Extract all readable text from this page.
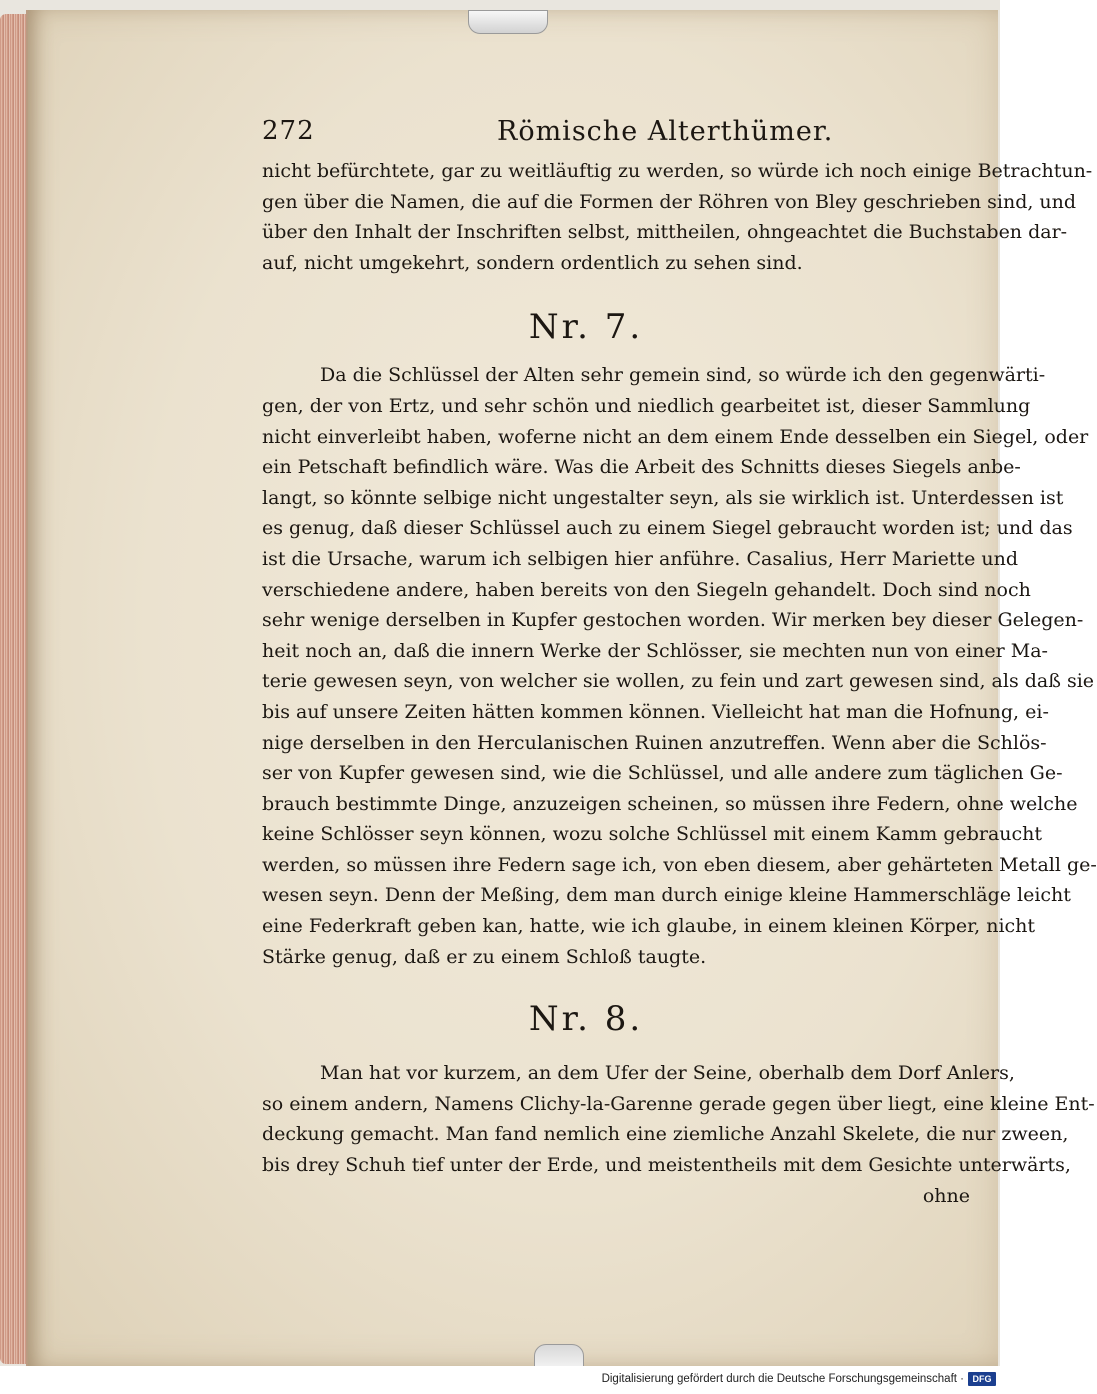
272	Römische Alterthümer.
nicht befürchtete, gar zu weitläuftig zu werden, so würde ich noch einige Betrachtun-
gen über die Namen, die auf die Formen der Röhren von Bley geschrieben sind, und
über den Inhalt der Inschriften selbst, mittheilen, ohngeachtet die Buchstaben dar-
auf, nicht umgekehrt, sondern ordentlich zu sehen sind.
Nr. 7.
Da die Schlüssel der Alten sehr gemein sind, so würde ich den gegenwärti-
gen, der von Ertz, und sehr schön und niedlich gearbeitet ist, dieser Sammlung
nicht einverleibt haben, woferne nicht an dem einem Ende desselben ein Siegel, oder
ein Petschaft befindlich wäre. Was die Arbeit des Schnitts dieses Siegels anbe-
langt, so könnte selbige nicht ungestalter seyn, als sie wirklich ist. Unterdessen ist
es genug, daß dieser Schlüssel auch zu einem Siegel gebraucht worden ist; und das
ist die Ursache, warum ich selbigen hier anführe. Casalius, Herr Mariette und
verschiedene andere, haben bereits von den Siegeln gehandelt. Doch sind noch
sehr wenige derselben in Kupfer gestochen worden. Wir merken bey dieser Gelegen-
heit noch an, daß die innern Werke der Schlösser, sie mechten nun von einer Ma-
terie gewesen seyn, von welcher sie wollen, zu fein und zart gewesen sind, als daß sie
bis auf unsere Zeiten hätten kommen können. Vielleicht hat man die Hofnung, ei-
nige derselben in den Herculanischen Ruinen anzutreffen. Wenn aber die Schlös-
ser von Kupfer gewesen sind, wie die Schlüssel, und alle andere zum täglichen Ge-
brauch bestimmte Dinge, anzuzeigen scheinen, so müssen ihre Federn, ohne welche
keine Schlösser seyn können, wozu solche Schlüssel mit einem Kamm gebraucht
werden, so müssen ihre Federn sage ich, von eben diesem, aber gehärteten Metall ge-
wesen seyn. Denn der Meßing, dem man durch einige kleine Hammerschläge leicht
eine Federkraft geben kan, hatte, wie ich glaube, in einem kleinen Körper, nicht
Stärke genug, daß er zu einem Schloß taugte.
Nr. 8.
Man hat vor kurzem, an dem Ufer der Seine, oberhalb dem Dorf Anlers,
so einem andern, Namens Clichy-la-Garenne gerade gegen über liegt, eine kleine Ent-
deckung gemacht. Man fand nemlich eine ziemliche Anzahl Skelete, die nur zween,
bis drey Schuh tief unter der Erde, und meistentheils mit dem Gesichte unterwärts,
ohne
Digitalisierung gefördert durch die Deutsche Forschungsgemeinschaft · DFG
